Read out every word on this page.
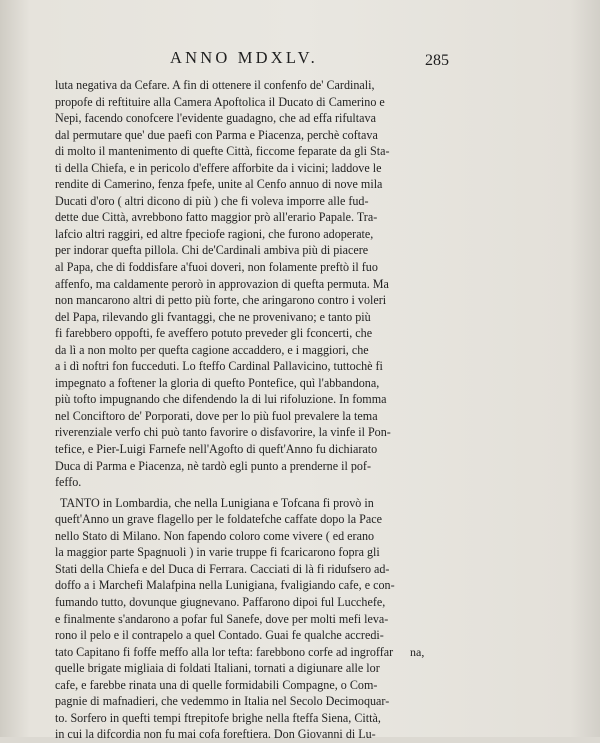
ANNO MDXLV.	285
luta negativa da Cefare. A fin di ottenere il confenfo de' Cardinali,
propofe di reftituire alla Camera Apoftolica il Ducato di Camerino e
Nepi, facendo conofcere l'evidente guadagno, che ad effa rifultava
dal permutare que' due paefi con Parma e Piacenza, perchè coftava
di molto il mantenimento di quefte Città, ficcome feparate da gli Sta-
ti della Chiefa, e in pericolo d'effere afforbite da i vicini; laddove le
rendite di Camerino, fenza fpefe, unite al Cenfo annuo di nove mila
Ducati d'oro ( altri dicono di più ) che fi voleva imporre alle fud-
dette due Città, avrebbono fatto maggior prò all'erario Papale. Tra-
lafcio altri raggiri, ed altre fpeciofe ragioni, che furono adoperate,
per indorar quefta pillola. Chi de'Cardinali ambiva più di piacere
al Papa, che di foddisfare a'fuoi doveri, non folamente preftò il fuo
affenfo, ma caldamente perorò in approvazion di quefta permuta. Ma
non mancarono altri di petto più forte, che aringarono contro i voleri
del Papa, rilevando gli fvantaggi, che ne provenivano; e tanto più
fi farebbero oppofti, fe aveffero potuto preveder gli fconcerti, che
da lì a non molto per quefta cagione accaddero, e i maggiori, che
a i dì noftri fon fucceduti. Lo fteffo Cardinal Pallavicino, tuttochè fi
impegnato a foftener la gloria di quefto Pontefice, quì l'abbandona,
più tofto impugnando che difendendo la di lui rifoluzione. In fomma
nel Conciftoro de' Porporati, dove per lo più fuol prevalere la tema
riverenziale verfo chi può tanto favorire o disfavorire, la vinfe il Pon-
tefice, e Pier-Luigi Farnefe nell'Agofto di queft'Anno fu dichiarato
Duca di Parma e Piacenza, nè tardò egli punto a prenderne il pof-
feffo.
TANTO in Lombardia, che nella Lunigiana e Tofcana fi provò in
queft'Anno un grave flagello per le foldatefche caffate dopo la Pace
nello Stato di Milano. Non fapendo coloro come vivere ( ed erano
la maggior parte Spagnuoli ) in varie truppe fi fcaricarono fopra gli
Stati della Chiefa e del Duca di Ferrara. Cacciati di là fi ridufsero ad-
doffo a i Marchefi Malafpina nella Lunigiana, fvaligiando cafe, e con-
fumando tutto, dovunque giugnevano. Paffarono dipoi ful Lucchefe,
e finalmente s'andarono a pofar ful Sanefe, dove per molti mefi leva-
rono il pelo e il contrapelo a quel Contado. Guai fe qualche accredi-
tato Capitano fi foffe meffo alla lor tefta: farebbono corfe ad ingroffar
quelle brigate migliaia di foldati Italiani, tornati a digiunare alle lor
cafe, e farebbe rinata una di quelle formidabili Compagne, o Com-
pagnie di mafnadieri, che vedemmo in Italia nel Secolo Decimoquar-
to. Sorfero in quefti tempi ftrepitofe brighe nella fteffa Siena, Città,
in cui la difcordia non fu mai cofa foreftiera. Don Giovanni di Lu-
na,
